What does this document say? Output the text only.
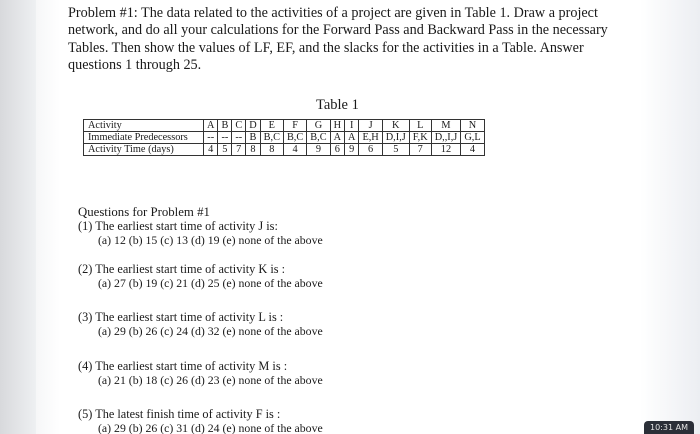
Problem #1: The data related to the activities of a project are given in Table 1. Draw a project network, and do all your calculations for the Forward Pass and Backward Pass in the necessary Tables. Then show the values of LF, EF, and the slacks for the activities in a Table. Answer questions 1 through 25.
Table 1
Activity	A	B	C	D	E	F	G	H	I	J	K	L	M	N
Immediate Predecessors	--	--	--	B	B,C	B,C	B,C	A	A	E,H	D,I,J	F,K	D,,I,J	G,L
Activity Time (days)	4	5	7	8	8	4	9	6	9	6	5	7	12	4
Questions for Problem #1
(1) The earliest start time of activity J is:
(a) 12 (b) 15 (c) 13 (d) 19 (e) none of the above
(2) The earliest start time of activity K is :
(a) 27 (b) 19 (c) 21 (d) 25 (e) none of the above
(3) The earliest start time of activity L is :
(a) 29 (b) 26 (c) 24 (d) 32 (e) none of the above
(4) The earliest start time of activity M is :
(a) 21 (b) 18 (c) 26 (d) 23 (e) none of the above
(5) The latest finish time of activity F is :
(a) 29 (b) 26 (c) 31 (d) 24 (e) none of the above	10:31 AM
